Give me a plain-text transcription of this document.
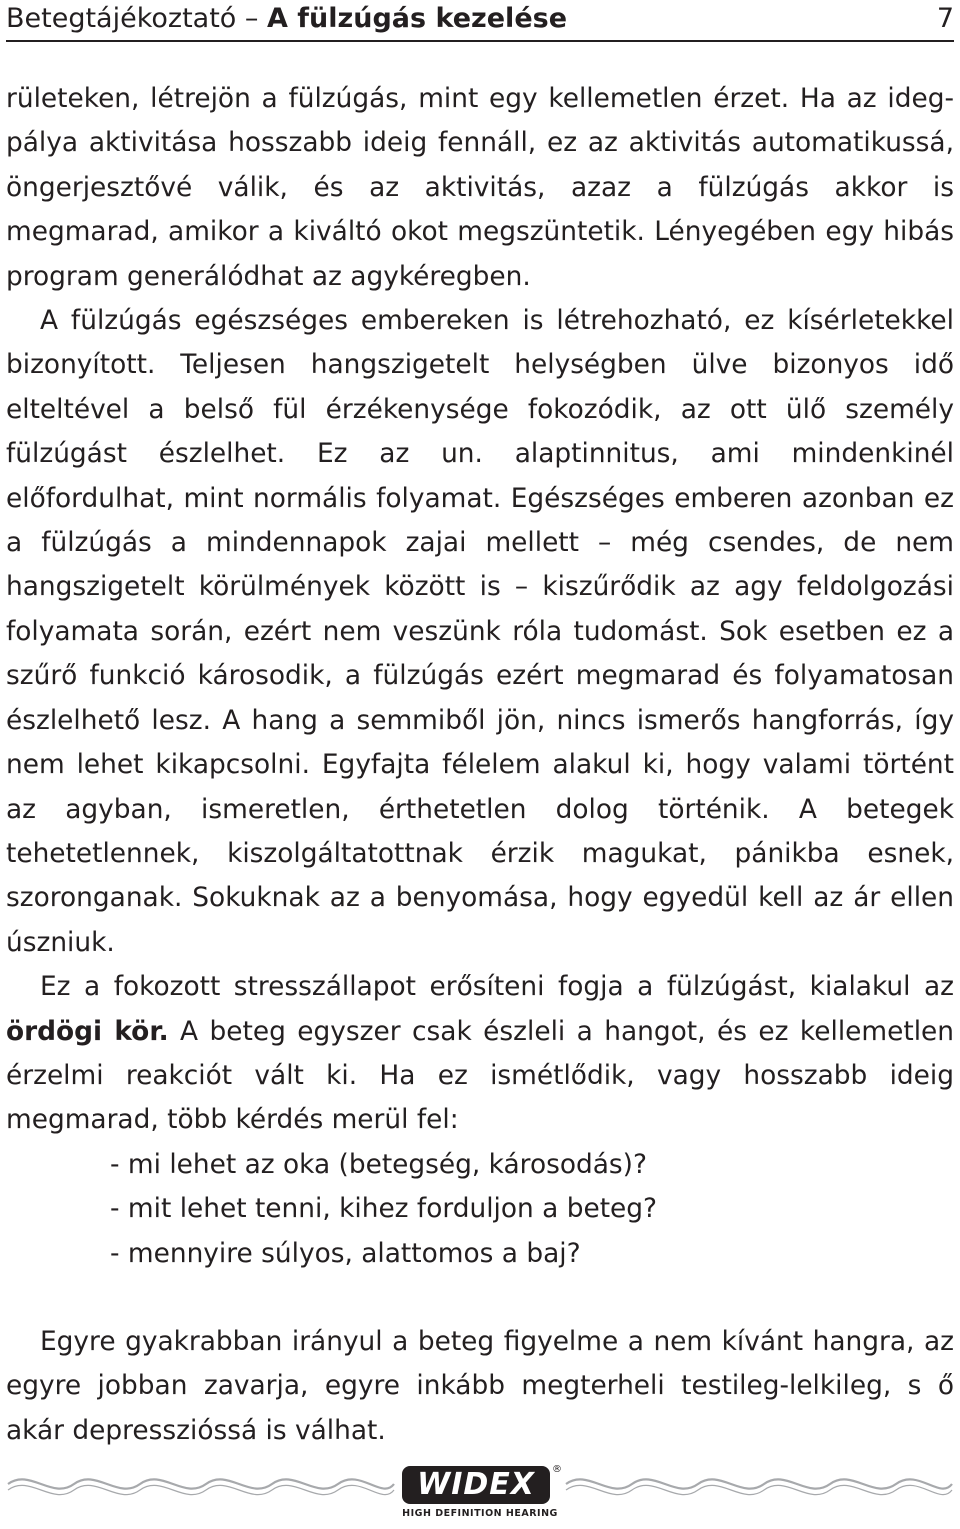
Betegtájékoztató – A fülzúgás kezelése	7

rületeken, létrejön a fülzúgás, mint egy kellemetlen érzet. Ha az ideg-pálya aktivitása hosszabb ideig fennáll, ez az aktivitás automatikussá, öngerjesztővé válik, és az aktivitás, azaz a fülzúgás akkor is megmarad, amikor a kiváltó okot megszüntetik. Lényegében egy hibás program generálódhat az agykéregben.

A fülzúgás egészséges embereken is létrehozható, ez kísérletekkel bizonyított. Teljesen hangszigetelt helységben ülve bizonyos idő elteltével a belső fül érzékenysége fokozódik, az ott ülő személy fülzúgást észlelhet. Ez az un. alaptinnitus, ami mindenkinél előfordulhat, mint normális folyamat. Egészséges emberen azonban ez a fülzúgás a mindennapok zajai mellett – még csendes, de nem hangszigetelt körülmények között is – kiszűrődik az agy feldolgozási folyamata során, ezért nem veszünk róla tudomást. Sok esetben ez a szűrő funkció károsodik, a fülzúgás ezért megmarad és folyamatosan észlelhető lesz. A hang a semmiből jön, nincs ismerős hangforrás, így nem lehet kikapcsolni. Egyfajta félelem alakul ki, hogy valami történt az agyban, ismeretlen, érthetetlen dolog történik. A betegek tehetetlennek, kiszolgáltatottnak érzik magukat, pánikba esnek, szoronganak. Sokuknak az a benyomása, hogy egyedül kell az ár ellen úszniuk.

Ez a fokozott stresszállapot erősíteni fogja a fülzúgást, kialakul az ördögi kör. A beteg egyszer csak észleli a hangot, és ez kellemetlen érzelmi reakciót vált ki. Ha ez ismétlődik, vagy hosszabb ideig megmarad, több kérdés merül fel:

- mi lehet az oka (betegség, károsodás)?
- mit lehet tenni, kihez forduljon a beteg?
- mennyire súlyos, alattomos a baj?

Egyre gyakrabban irányul a beteg figyelme a nem kívánt hangra, az egyre jobban zavarja, egyre inkább megterheli testileg-lelkileg, s ő akár depresszióssá is válhat.

WIDEX	®
HIGH DEFINITION HEARING
